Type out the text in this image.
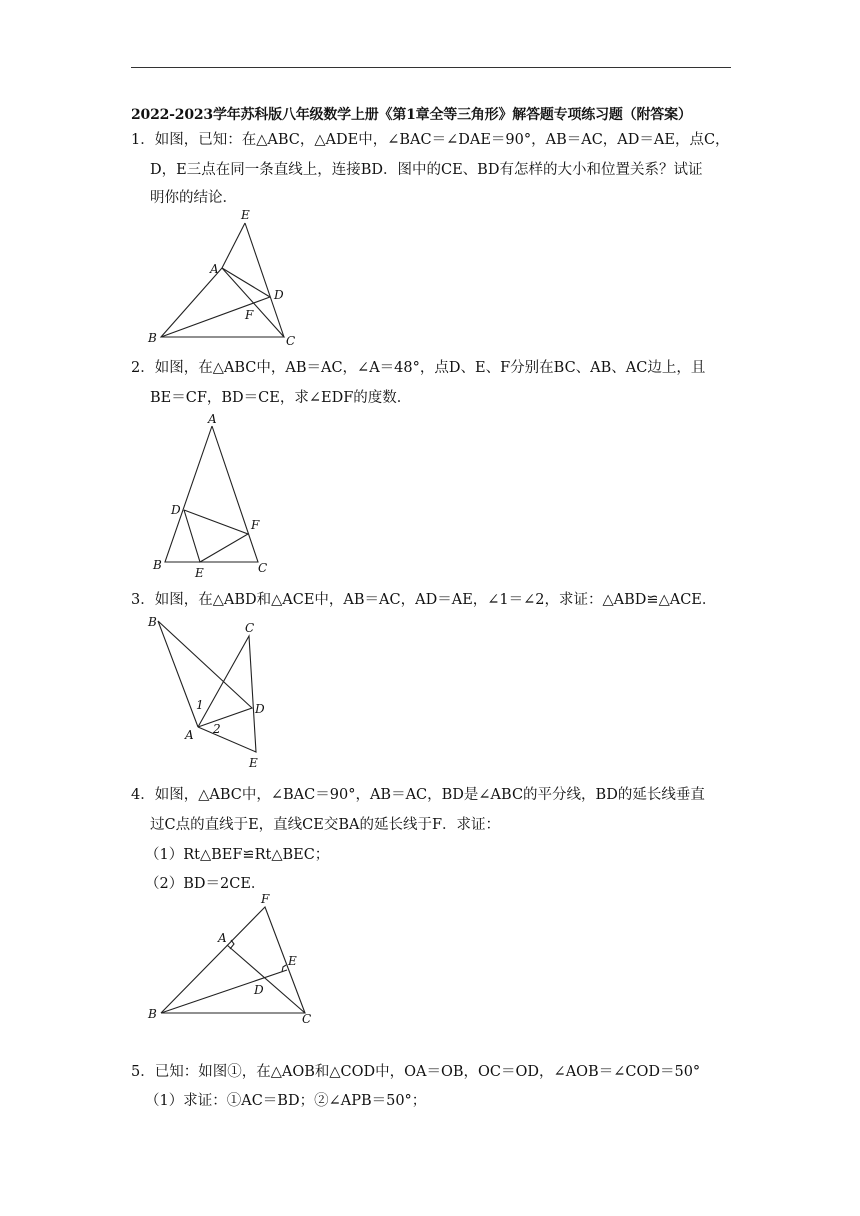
2022-2023学年苏科版八年级数学上册《第1章全等三角形》解答题专项练习题（附答案）
1．如图，已知：在△ABC，△ADE中，∠BAC＝∠DAE＝90°，AB＝AC，AD＝AE，点C，
D，E三点在同一条直线上，连接BD．图中的CE、BD有怎样的大小和位置关系？试证
明你的结论．
E
A
D
F
B	C
2．如图，在△ABC中，AB＝AC，∠A＝48°，点D、E、F分别在BC、AB、AC边上，且
BE＝CF，BD＝CE，求∠EDF的度数．
A
D
F
B
E	C
3．如图，在△ABD和△ACE中，AB＝AC，AD＝AE，∠1＝∠2，求证：△ABD≌△ACE．
B	C
1	D
A 2
E
4．如图，△ABC中，∠BAC＝90°，AB＝AC，BD是∠ABC的平分线，BD的延长线垂直
过C点的直线于E，直线CE交BA的延长线于F．求证：
（1）Rt△BEF≌Rt△BEC；
（2）BD＝2CE．
F
A
E
D
B	C
5．已知：如图①，在△AOB和△COD中，OA＝OB，OC＝OD，∠AOB＝∠COD＝50°
（1）求证：①AC＝BD；②∠APB＝50°；
